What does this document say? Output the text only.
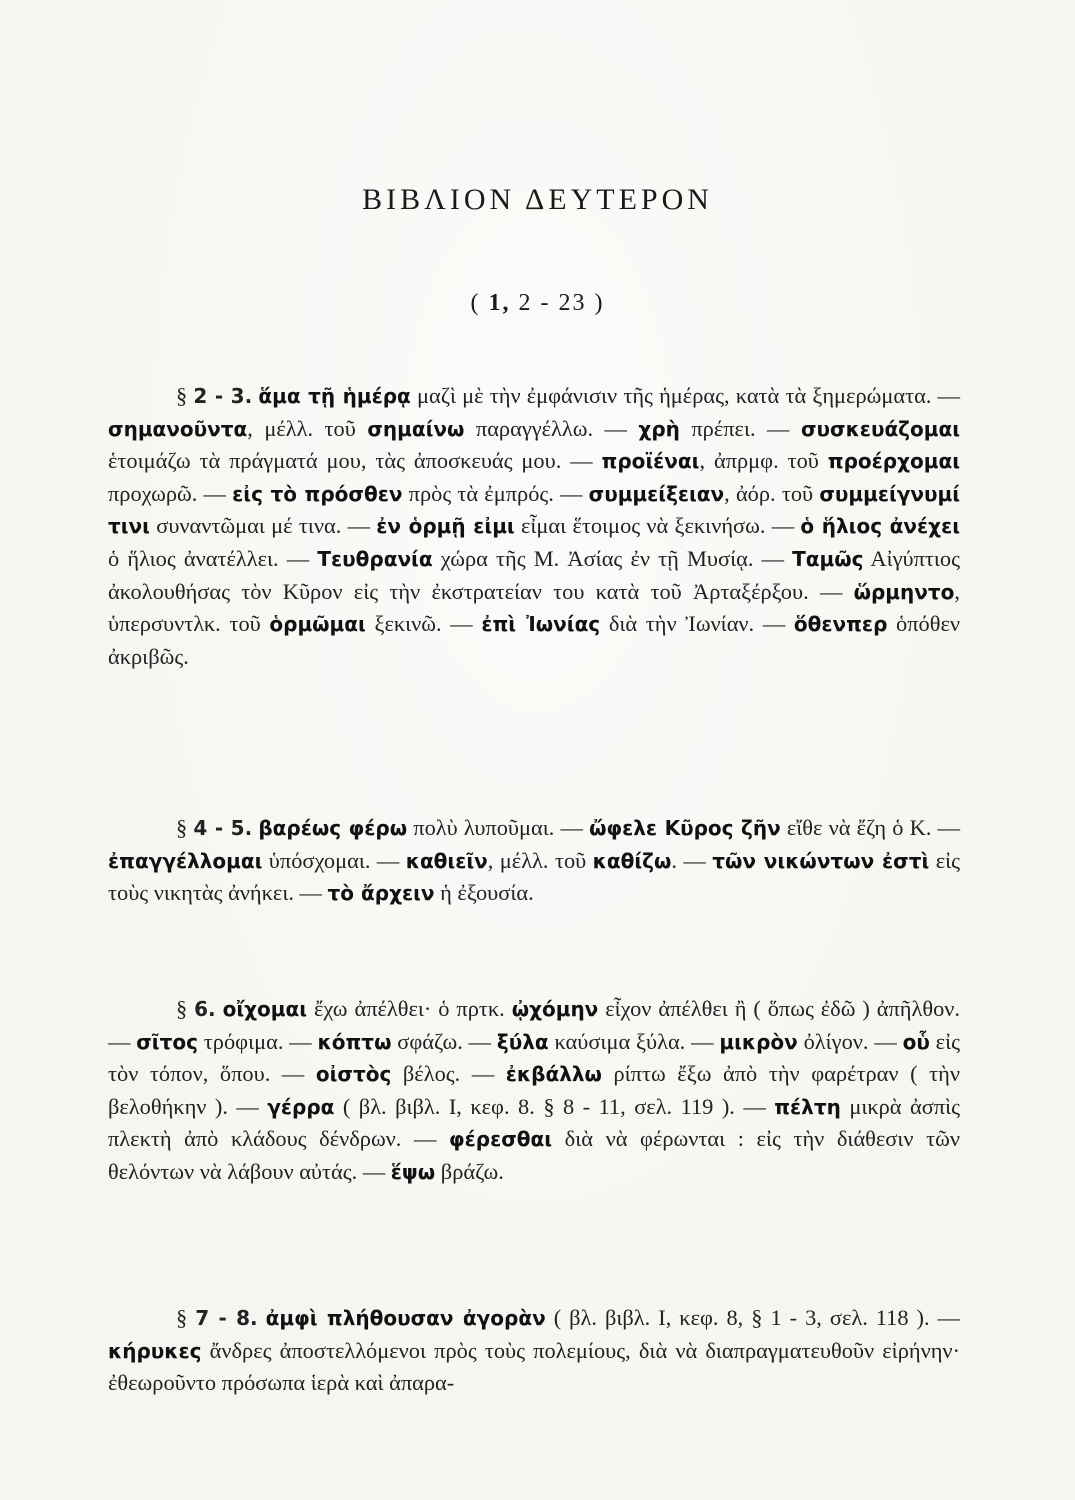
ΒΙΒΛΙΟΝ ΔΕΥΤΕΡΟΝ
( 1, 2 - 23 )

§ 2 - 3. ἅμα τῇ ἡμέρᾳ μαζὶ μὲ τὴν ἐμφάνισιν τῆς ἡμέρας, κατὰ τὰ ξημερώματα. — σημανοῦντα, μέλλ. τοῦ σημαίνω παραγγέλλω. — χρὴ πρέπει. — συσκευάζομαι ἑτοιμάζω τὰ πράγματά μου, τὰς ἀποσκευάς μου. — προϊέναι, ἀπρμφ. τοῦ προέρχομαι προχωρῶ. — εἰς τὸ πρόσθεν πρὸς τὰ ἐμπρός. — συμμείξειαν, ἀόρ. τοῦ συμμείγνυμί τινι συναντῶμαι μέ τινα. — ἐν ὁρμῇ εἰμι εἶμαι ἕτοιμος νὰ ξεκινήσω. — ὁ ἥλιος ἀνέχει ὁ ἥλιος ἀνατέλλει. — Τευθρανία χώρα τῆς Μ. Ἀσίας ἐν τῇ Μυσίᾳ. — Ταμῶς Αἰγύπτιος ἀκολουθήσας τὸν Κῦρον εἰς τὴν ἐκστρατείαν του κατὰ τοῦ Ἀρταξέρξου. — ὥρμηντο, ὑπερσυντλκ. τοῦ ὁρμῶμαι ξεκινῶ. — ἐπὶ Ἰωνίας διὰ τὴν Ἰωνίαν. — ὅθενπερ ὁπόθεν ἀκριβῶς.

§ 4 - 5. βαρέως φέρω πολὺ λυποῦμαι. — ὤφελε Κῦρος ζῆν εἴθε νὰ ἔζη ὁ Κ. — ἐπαγγέλλομαι ὑπόσχομαι. — καθιεῖν, μέλλ. τοῦ καθίζω. — τῶν νικώντων ἐστὶ εἰς τοὺς νικητὰς ἀνήκει. — τὸ ἄρχειν ἡ ἐξουσία.

§ 6. οἴχομαι ἔχω ἀπέλθει· ὁ πρτκ. ᾠχόμην εἶχον ἀπέλθει ἢ ( ὅπως ἐδῶ ) ἀπῆλθον. — σῖτος τρόφιμα. — κόπτω σφάζω. — ξύλα καύσιμα ξύλα. — μικρὸν ὀλίγον. — οὗ εἰς τὸν τόπον, ὅπου. — οἰστὸς βέλος. — ἐκβάλλω ρίπτω ἔξω ἀπὸ τὴν φαρέτραν ( τὴν βελοθήκην ). — γέρρα ( βλ. βιβλ. Ι, κεφ. 8. § 8 - 11, σελ. 119 ). — πέλτη μικρὰ ἀσπὶς πλεκτὴ ἀπὸ κλάδους δένδρων. — φέρεσθαι διὰ νὰ φέρωνται : εἰς τὴν διάθεσιν τῶν θελόντων νὰ λάβουν αὐτάς. — ἕψω βράζω.

§ 7 - 8. ἀμφὶ πλήθουσαν ἀγορὰν ( βλ. βιβλ. Ι, κεφ. 8, § 1 - 3, σελ. 118 ). — κήρυκες ἄνδρες ἀποστελλόμενοι πρὸς τοὺς πολεμίους, διὰ νὰ διαπραγματευθοῦν εἰρήνην· ἐθεωροῦντο πρόσωπα ἱερὰ καὶ ἀπαρα-
